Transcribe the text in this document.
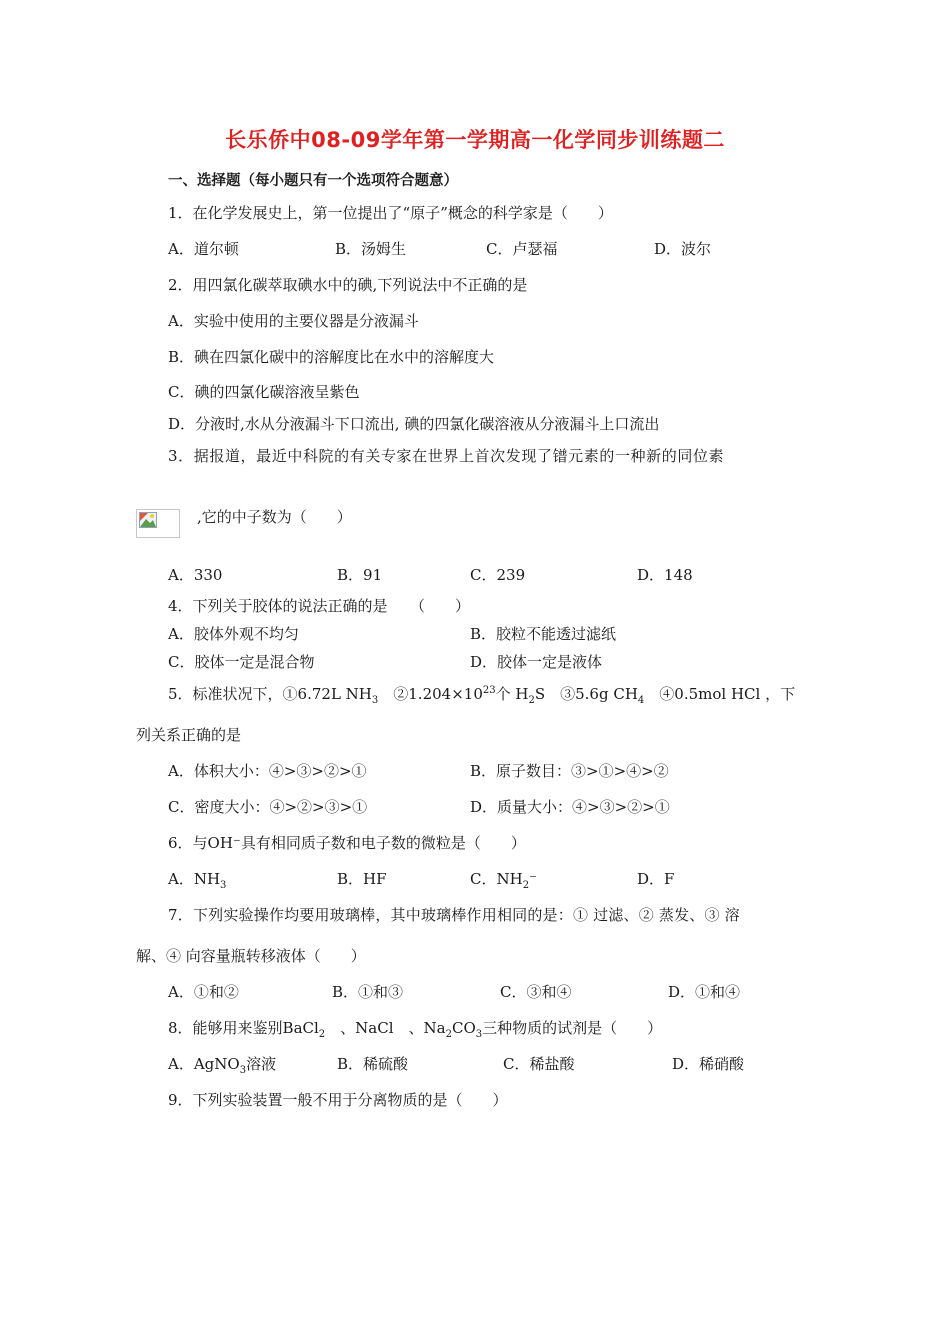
长乐侨中08-09学年第一学期高一化学同步训练题二
一、选择题（每小题只有一个选项符合题意）
1．在化学发展史上，第一位提出了“原子”概念的科学家是（　　）
A．道尔顿	B．汤姆生	C．卢瑟福	D．波尔
2．用四氯化碳萃取碘水中的碘,下列说法中不正确的是
A．实验中使用的主要仪器是分液漏斗
B．碘在四氯化碳中的溶解度比在水中的溶解度大
C．碘的四氯化碳溶液呈紫色
D．分液时,水从分液漏斗下口流出, 碘的四氯化碳溶液从分液漏斗上口流出
3．据报道，最近中科院的有关专家在世界上首次发现了镨元素的一种新的同位素
,它的中子数为（　　）
A．330	B．91	C．239	D．148
4．下列关于胶体的说法正确的是　　（　　）
A．胶体外观不均匀	B．胶粒不能透过滤纸
C．胶体一定是混合物	D．胶体一定是液体
5．标准状况下，①6.72L $NH_3$　$②1.204\times 10^{23}$个 $H_2S$　③5.6g $CH_4$　④0.5mol HCl ，下
列关系正确的是
A．体积大小：④>③>②>①	B．原子数目：③>①>④>②
C．密度大小：④>②>③>①	D．质量大小：④>③>②>①
6．与OH⁻具有相同质子数和电子数的微粒是（　　）
A．$NH_3$	B．HF	C．$NH_2^-$	D．F
7．下列实验操作均要用玻璃棒，其中玻璃棒作用相同的是：① 过滤、② 蒸发、③ 溶
解、④ 向容量瓶转移液体（　　）
A．①和②	B．①和③	C．③和④	D．①和④
8．能够用来鉴别BaCl$_2$　、NaCl　、$Na_2CO_3$三种物质的试剂是（　　）
A．AgNO$_3$溶液	B．稀硫酸	C．稀盐酸	D．稀硝酸
9．下列实验装置一般不用于分离物质的是（　　）
